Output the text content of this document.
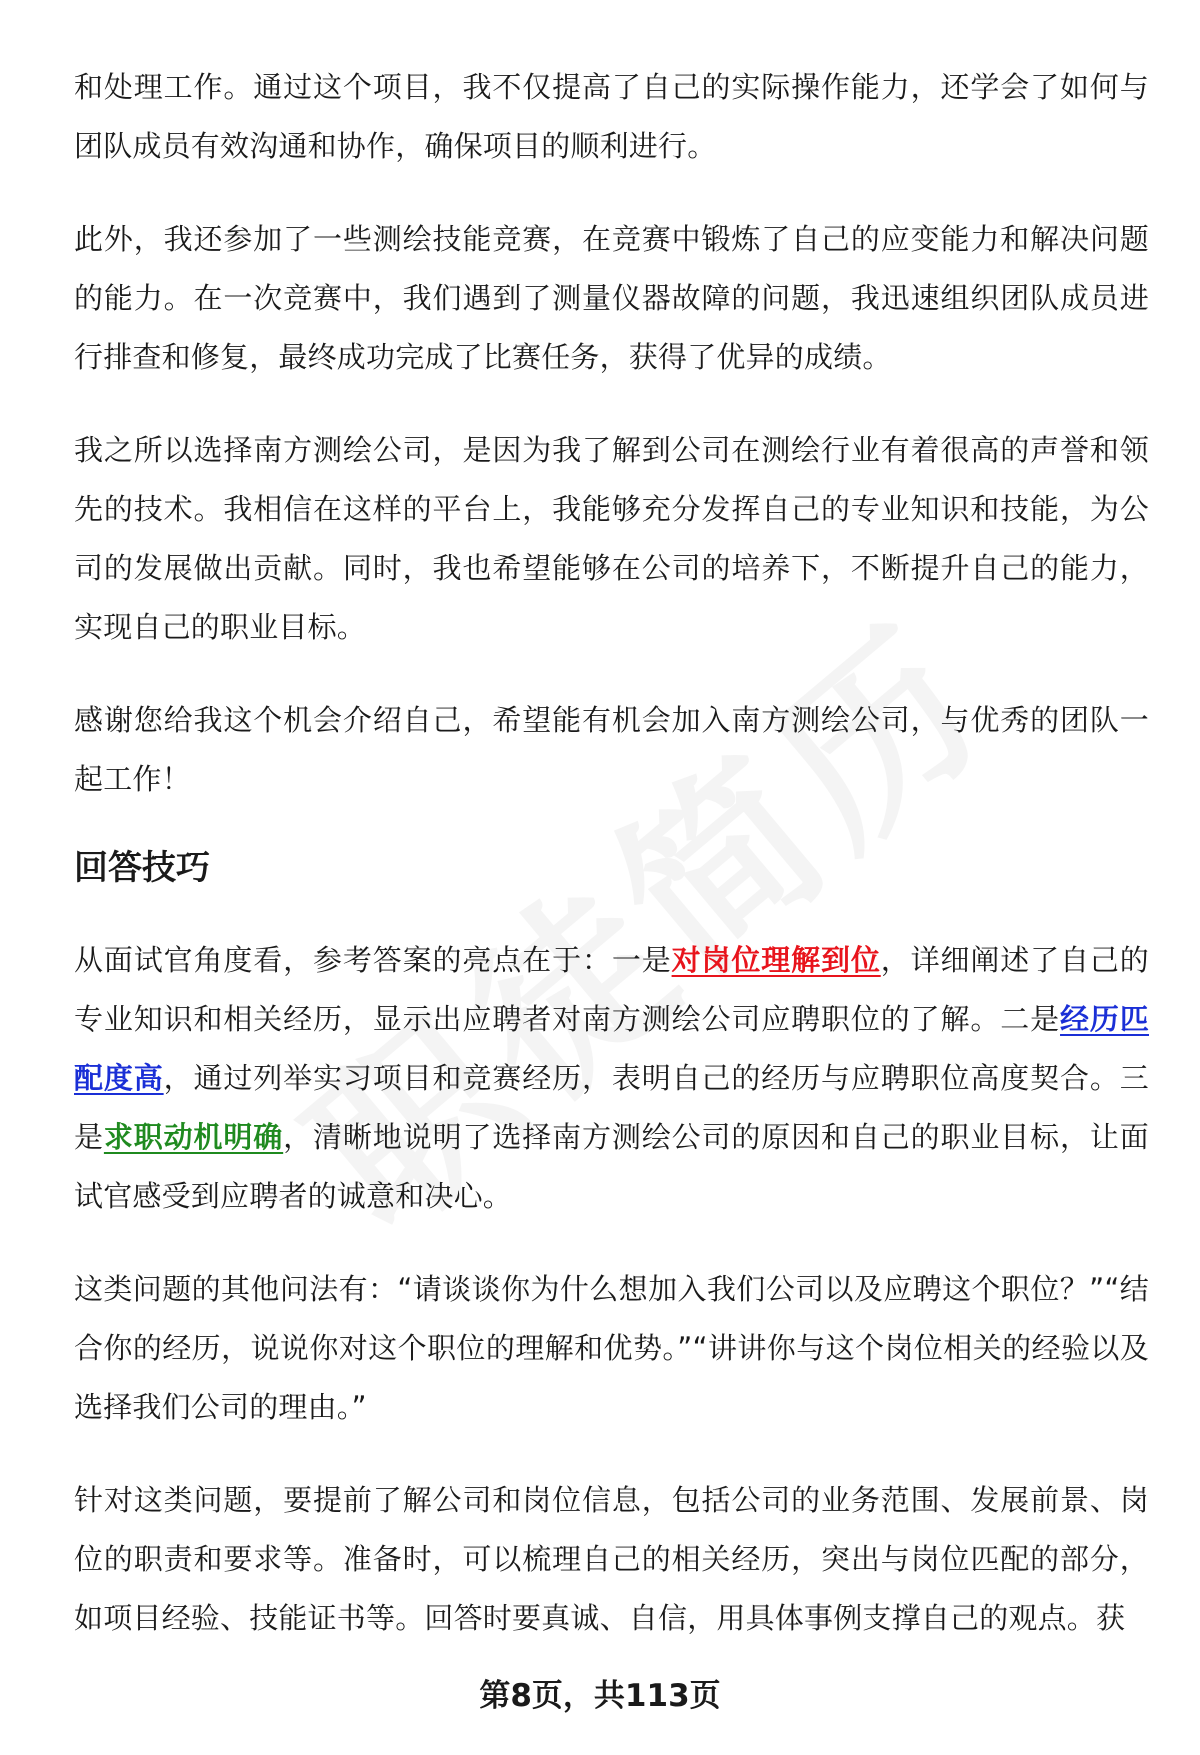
和处理工作。通过这个项目，我不仅提高了自己的实际操作能力，还学会了如何与团队成员有效沟通和协作，确保项目的顺利进行。

此外，我还参加了一些测绘技能竞赛，在竞赛中锻炼了自己的应变能力和解决问题的能力。在一次竞赛中，我们遇到了测量仪器故障的问题，我迅速组织团队成员进行排查和修复，最终成功完成了比赛任务，获得了优异的成绩。

我之所以选择南方测绘公司，是因为我了解到公司在测绘行业有着很高的声誉和领先的技术。我相信在这样的平台上，我能够充分发挥自己的专业知识和技能，为公司的发展做出贡献。同时，我也希望能够在公司的培养下，不断提升自己的能力，实现自己的职业目标。

感谢您给我这个机会介绍自己，希望能有机会加入南方测绘公司，与优秀的团队一起工作！

回答技巧

从面试官角度看，参考答案的亮点在于：一是对岗位理解到位，详细阐述了自己的专业知识和相关经历，显示出应聘者对南方测绘公司应聘职位的了解。二是经历匹配度高，通过列举实习项目和竞赛经历，表明自己的经历与应聘职位高度契合。三是求职动机明确，清晰地说明了选择南方测绘公司的原因和自己的职业目标，让面试官感受到应聘者的诚意和决心。

这类问题的其他问法有：“请谈谈你为什么想加入我们公司以及应聘这个职位？”“结合你的经历，说说你对这个职位的理解和优势。”“讲讲你与这个岗位相关的经验以及选择我们公司的理由。”

针对这类问题，要提前了解公司和岗位信息，包括公司的业务范围、发展前景、岗位的职责和要求等。准备时，可以梳理自己的相关经历，突出与岗位匹配的部分，如项目经验、技能证书等。回答时要真诚、自信，用具体事例支撑自己的观点。获

第8页，共113页
